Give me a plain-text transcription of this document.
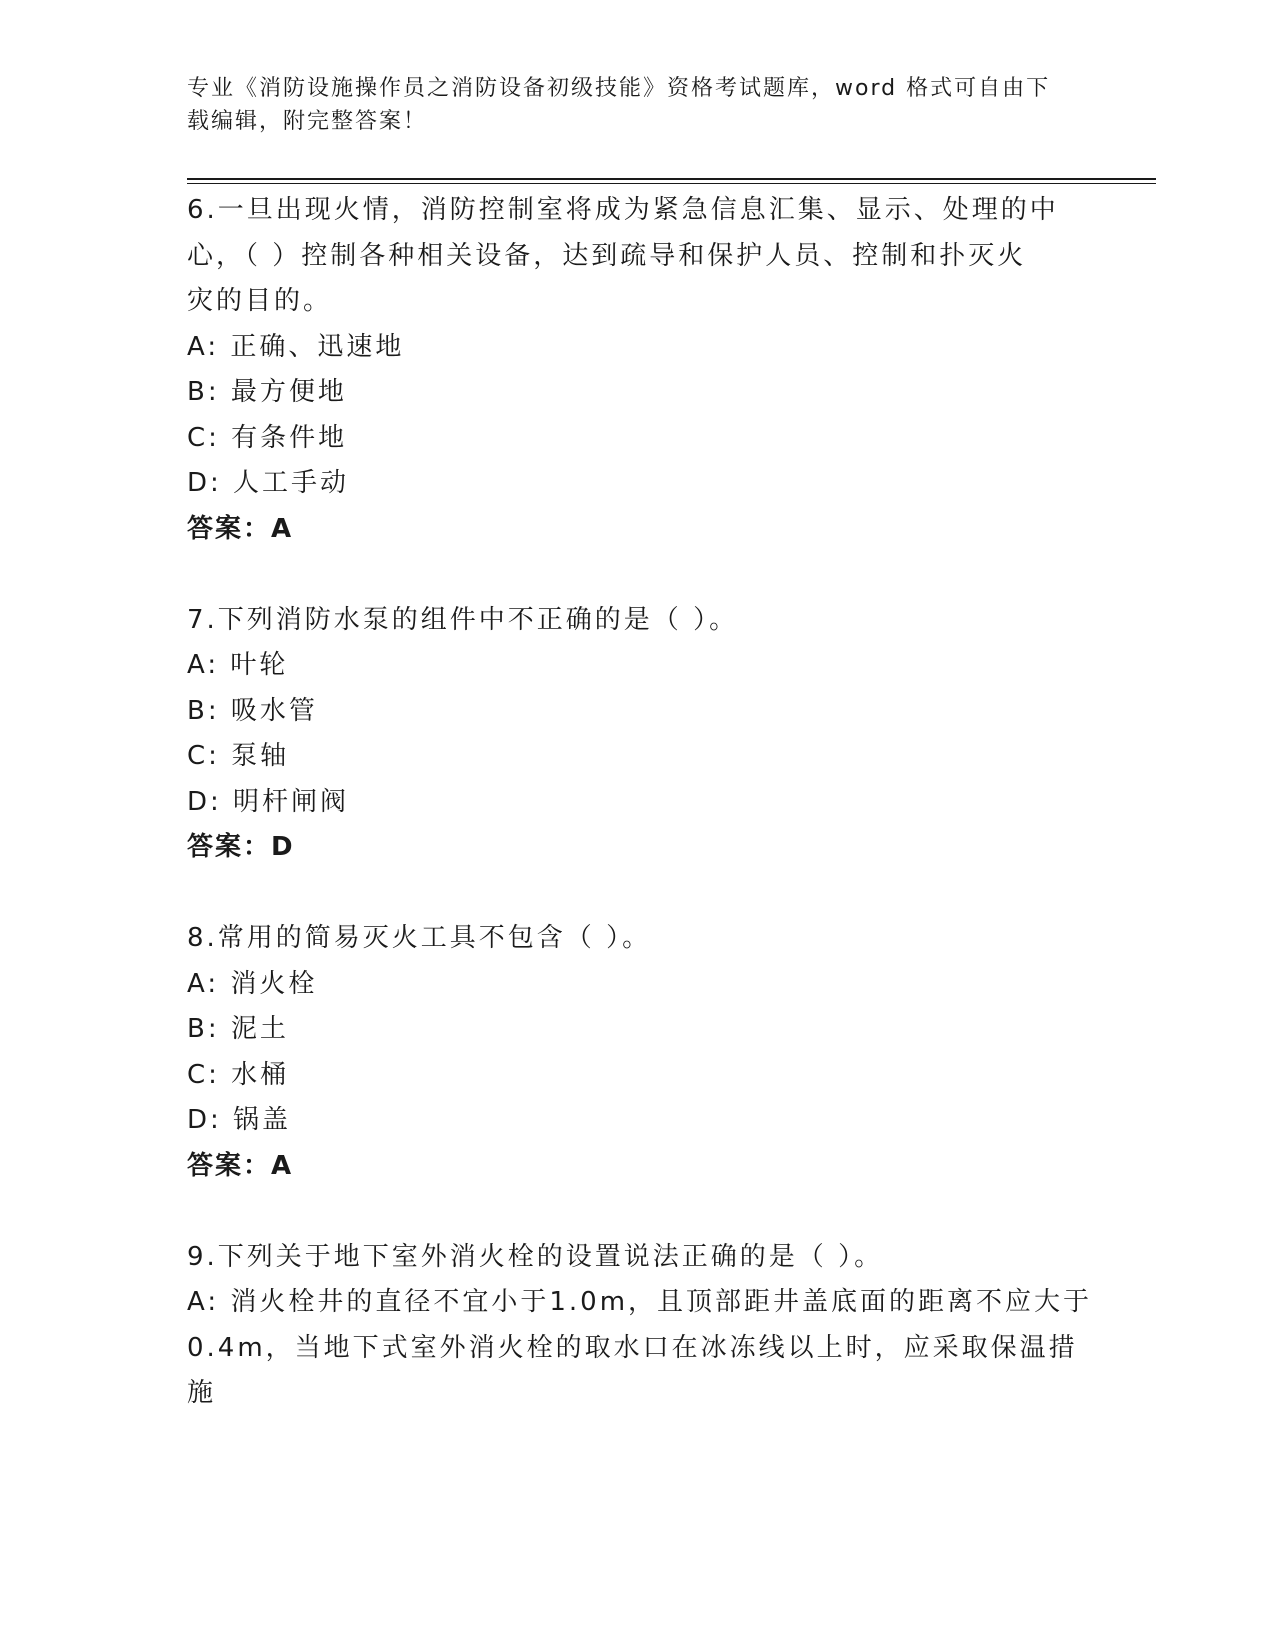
专业《消防设施操作员之消防设备初级技能》资格考试题库，word 格式可自由下
载编辑，附完整答案！
6.一旦出现火情，消防控制室将成为紧急信息汇集、显示、处理的中
心，（ ）控制各种相关设备，达到疏导和保护人员、控制和扑灭火
灾的目的。
A: 正确、迅速地
B: 最方便地
C: 有条件地
D: 人工手动
答案：A
7.下列消防水泵的组件中不正确的是（ ）。
A: 叶轮
B: 吸水管
C: 泵轴
D: 明杆闸阀
答案：D
8.常用的简易灭火工具不包含（ ）。
A: 消火栓
B: 泥土
C: 水桶
D: 锅盖
答案：A
9.下列关于地下室外消火栓的设置说法正确的是（ ）。
A: 消火栓井的直径不宜小于1.0m，且顶部距井盖底面的距离不应大于
0.4m，当地下式室外消火栓的取水口在冰冻线以上时，应采取保温措
施
